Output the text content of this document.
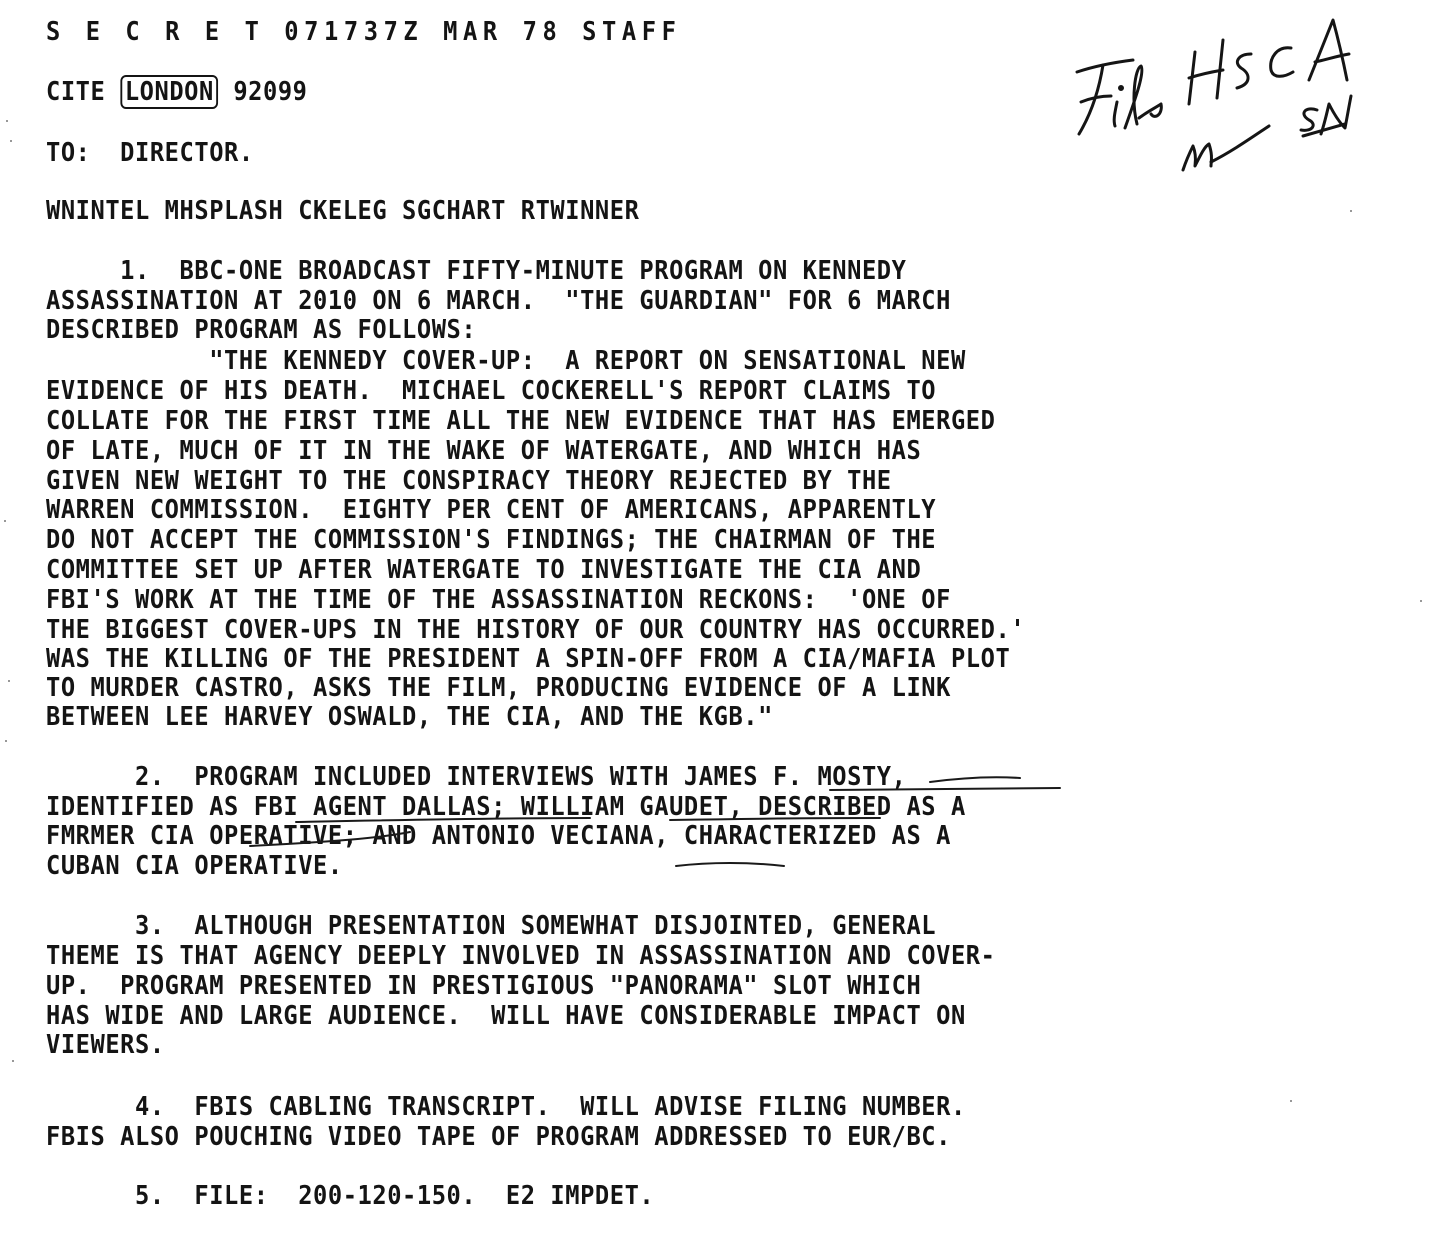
S E C R E T 071737Z MAR 78 STAFF
CITE LONDON 92099
TO:  DIRECTOR.
WNINTEL MHSPLASH CKELEG SGCHART RTWINNER
File HSCA m SN
1.  BBC-ONE BROADCAST FIFTY-MINUTE PROGRAM ON KENNEDY
ASSASSINATION AT 2010 ON 6 MARCH.  "THE GUARDIAN" FOR 6 MARCH
DESCRIBED PROGRAM AS FOLLOWS:
"THE KENNEDY COVER-UP:  A REPORT ON SENSATIONAL NEW
EVIDENCE OF HIS DEATH.  MICHAEL COCKERELL'S REPORT CLAIMS TO
COLLATE FOR THE FIRST TIME ALL THE NEW EVIDENCE THAT HAS EMERGED
OF LATE, MUCH OF IT IN THE WAKE OF WATERGATE, AND WHICH HAS
GIVEN NEW WEIGHT TO THE CONSPIRACY THEORY REJECTED BY THE
WARREN COMMISSION.  EIGHTY PER CENT OF AMERICANS, APPARENTLY
DO NOT ACCEPT THE COMMISSION'S FINDINGS; THE CHAIRMAN OF THE
COMMITTEE SET UP AFTER WATERGATE TO INVESTIGATE THE CIA AND
FBI'S WORK AT THE TIME OF THE ASSASSINATION RECKONS:  'ONE OF
THE BIGGEST COVER-UPS IN THE HISTORY OF OUR COUNTRY HAS OCCURRED.'
WAS THE KILLING OF THE PRESIDENT A SPIN-OFF FROM A CIA/MAFIA PLOT
TO MURDER CASTRO, ASKS THE FILM, PRODUCING EVIDENCE OF A LINK
BETWEEN LEE HARVEY OSWALD, THE CIA, AND THE KGB."
2.  PROGRAM INCLUDED INTERVIEWS WITH JAMES F. MOSTY,
IDENTIFIED AS FBI AGENT DALLAS; WILLIAM GAUDET, DESCRIBED AS A
FMRMER CIA OPERATIVE; AND ANTONIO VECIANA, CHARACTERIZED AS A
CUBAN CIA OPERATIVE.
3.  ALTHOUGH PRESENTATION SOMEWHAT DISJOINTED, GENERAL
THEME IS THAT AGENCY DEEPLY INVOLVED IN ASSASSINATION AND COVER-
UP.  PROGRAM PRESENTED IN PRESTIGIOUS "PANORAMA" SLOT WHICH
HAS WIDE AND LARGE AUDIENCE.  WILL HAVE CONSIDERABLE IMPACT ON
VIEWERS.
4.  FBIS CABLING TRANSCRIPT.  WILL ADVISE FILING NUMBER.
FBIS ALSO POUCHING VIDEO TAPE OF PROGRAM ADDRESSED TO EUR/BC.
5.  FILE:  200-120-150.  E2 IMPDET.
